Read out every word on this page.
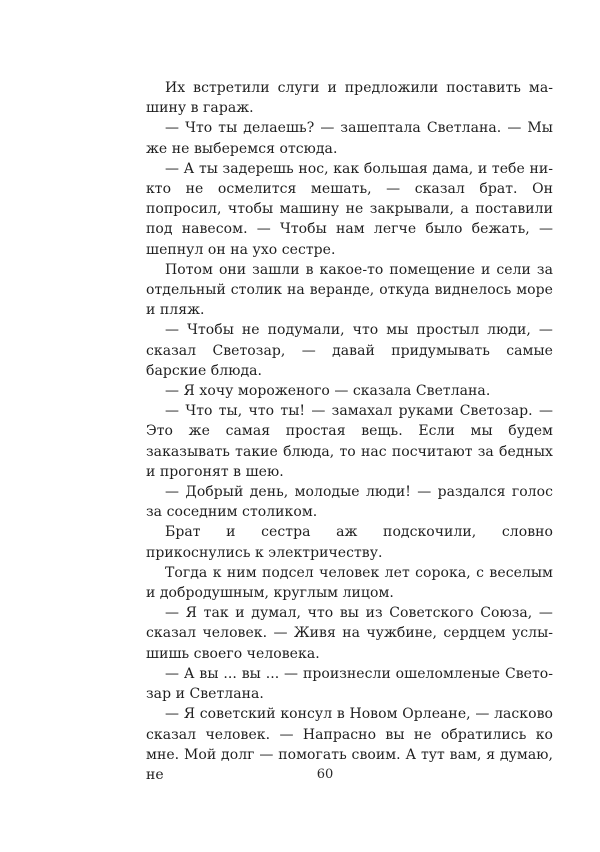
Их встретили слуги и предложили поставить машину в гараж.

— Что ты делаешь? — зашептала Светлана. — Мы же не выберемся отсюда.

— А ты задерешь нос, как большая дама, и тебе никто не осмелится мешать, — сказал брат. Он попросил, чтобы машину не закрывали, а поставили под навесом. — Чтобы нам легче было бежать, — шепнул он на ухо сестре.

Потом они зашли в какое-то помещение и сели за отдельный столик на веранде, откуда виднелось море и пляж.

— Чтобы не подумали, что мы простыл люди, — сказал Светозар, — давай придумывать самые барские блюда.

— Я хочу мороженого — сказала Светлана.

— Что ты, что ты! — замахал руками Светозар. — Это же самая простая вещь. Если мы будем заказывать такие блюда, то нас посчитают за бедных и прогонят в шею.

— Добрый день, молодые люди! — раздался голос за соседним столиком.

Брат и сестра аж подскочили, словно прикоснулись к электричеству.

Тогда к ним подсел человек лет сорока, с веселым и добродушным, круглым лицом.

— Я так и думал, что вы из Советского Союза, — сказал человек. — Живя на чужбине, сердцем услышишь своего человека.

— А вы ... вы ... — произнесли ошеломленые Светозар и Светлана.

— Я советский консул в Новом Орлеане, — ласково сказал человек. — Напрасно вы не обратились ко мне. Мой долг — помогать своим. А тут вам, я думаю, не	60
